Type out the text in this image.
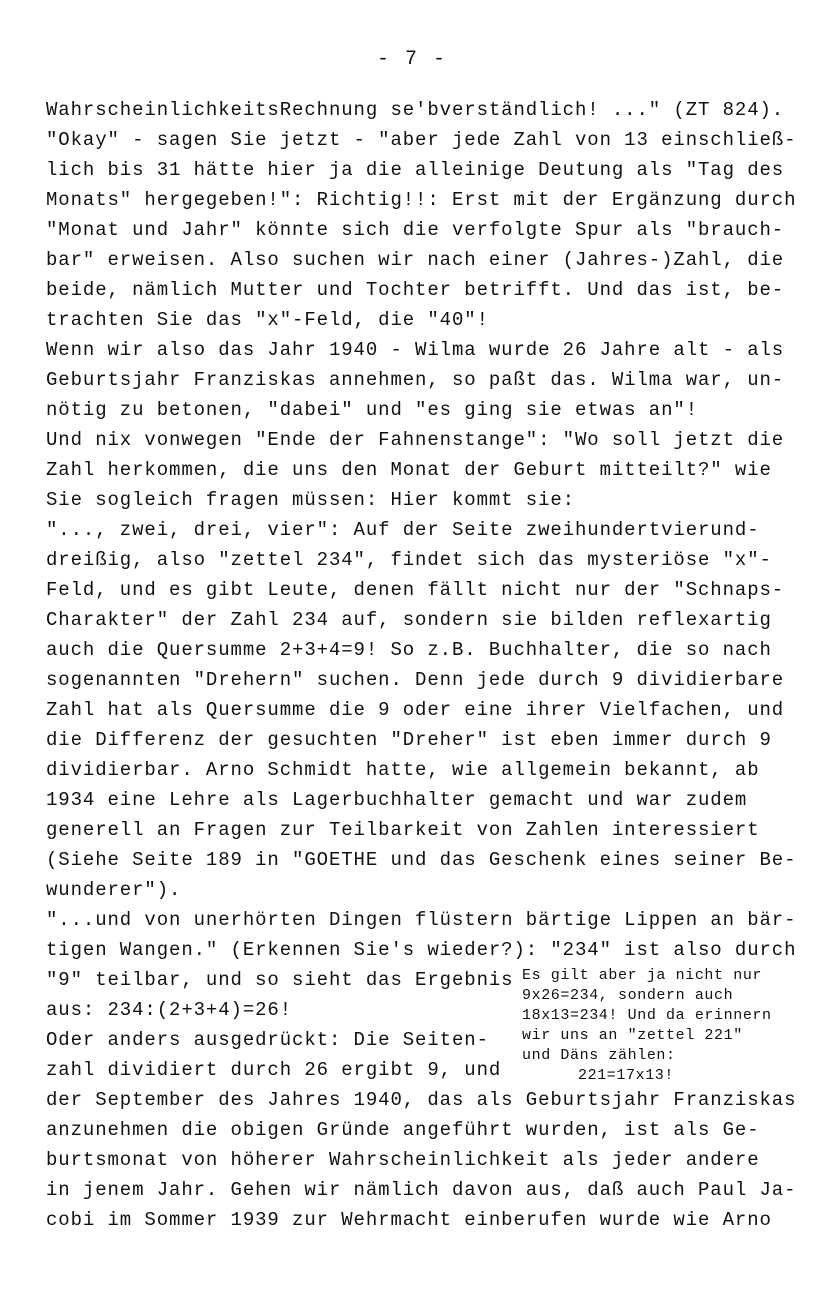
- 7 -
WahrscheinlichkeitsRechnung se'bverständlich! ..." (ZT 824).
"Okay" - sagen Sie jetzt - "aber jede Zahl von 13 einschließ-
lich bis 31 hätte hier ja die alleinige Deutung als "Tag des
Monats" hergegeben!": Richtig!!: Erst mit der Ergänzung durch
"Monat und Jahr" könnte sich die verfolgte Spur als "brauch-
bar" erweisen. Also suchen wir nach einer (Jahres-)Zahl, die
beide, nämlich Mutter und Tochter betrifft. Und das ist, be-
trachten Sie das "x"-Feld, die "40"!
Wenn wir also das Jahr 1940 - Wilma wurde 26 Jahre alt - als
Geburtsjahr Franziskas annehmen, so paßt das. Wilma war, un-
nötig zu betonen, "dabei" und "es ging sie etwas an"!
Und nix vonwegen "Ende der Fahnenstange": "Wo soll jetzt die
Zahl herkommen, die uns den Monat der Geburt mitteilt?" wie
Sie sogleich fragen müssen: Hier kommt sie:
"..., zwei, drei, vier": Auf der Seite zweihundertvierund-
dreißig, also "zettel 234", findet sich das mysteriöse "x"-
Feld, und es gibt Leute, denen fällt nicht nur der "Schnaps-
Charakter" der Zahl 234 auf, sondern sie bilden reflexartig
auch die Quersumme 2+3+4=9! So z.B. Buchhalter, die so nach
sogenannten "Drehern" suchen. Denn jede durch 9 dividierbare
Zahl hat als Quersumme die 9 oder eine ihrer Vielfachen, und
die Differenz der gesuchten "Dreher" ist eben immer durch 9
dividierbar. Arno Schmidt hatte, wie allgemein bekannt, ab
1934 eine Lehre als Lagerbuchhalter gemacht und war zudem
generell an Fragen zur Teilbarkeit von Zahlen interessiert
(Siehe Seite 189 in "GOETHE und das Geschenk eines seiner Be-
wunderer").
"...und von unerhörten Dingen flüstern bärtige Lippen an bär-
tigen Wangen." (Erkennen Sie's wieder?): "234" ist also durch
"9" teilbar, und so sieht das Ergebnis
aus: 234:(2+3+4)=26!
Oder anders ausgedrückt: Die Seiten-
zahl dividiert durch 26 ergibt 9, und
der September des Jahres 1940, das als Geburtsjahr Franziskas
anzunehmen die obigen Gründe angeführt wurden, ist als Ge-
burtsmonat von höherer Wahrscheinlichkeit als jeder andere
in jenem Jahr. Gehen wir nämlich davon aus, daß auch Paul Ja-
cobi im Sommer 1939 zur Wehrmacht einberufen wurde wie Arno
Es gilt aber ja nicht nur
9x26=234, sondern auch
18x13=234! Und da erinnern
wir uns an "zettel 221"
und Däns zählen:
221=17x13!
